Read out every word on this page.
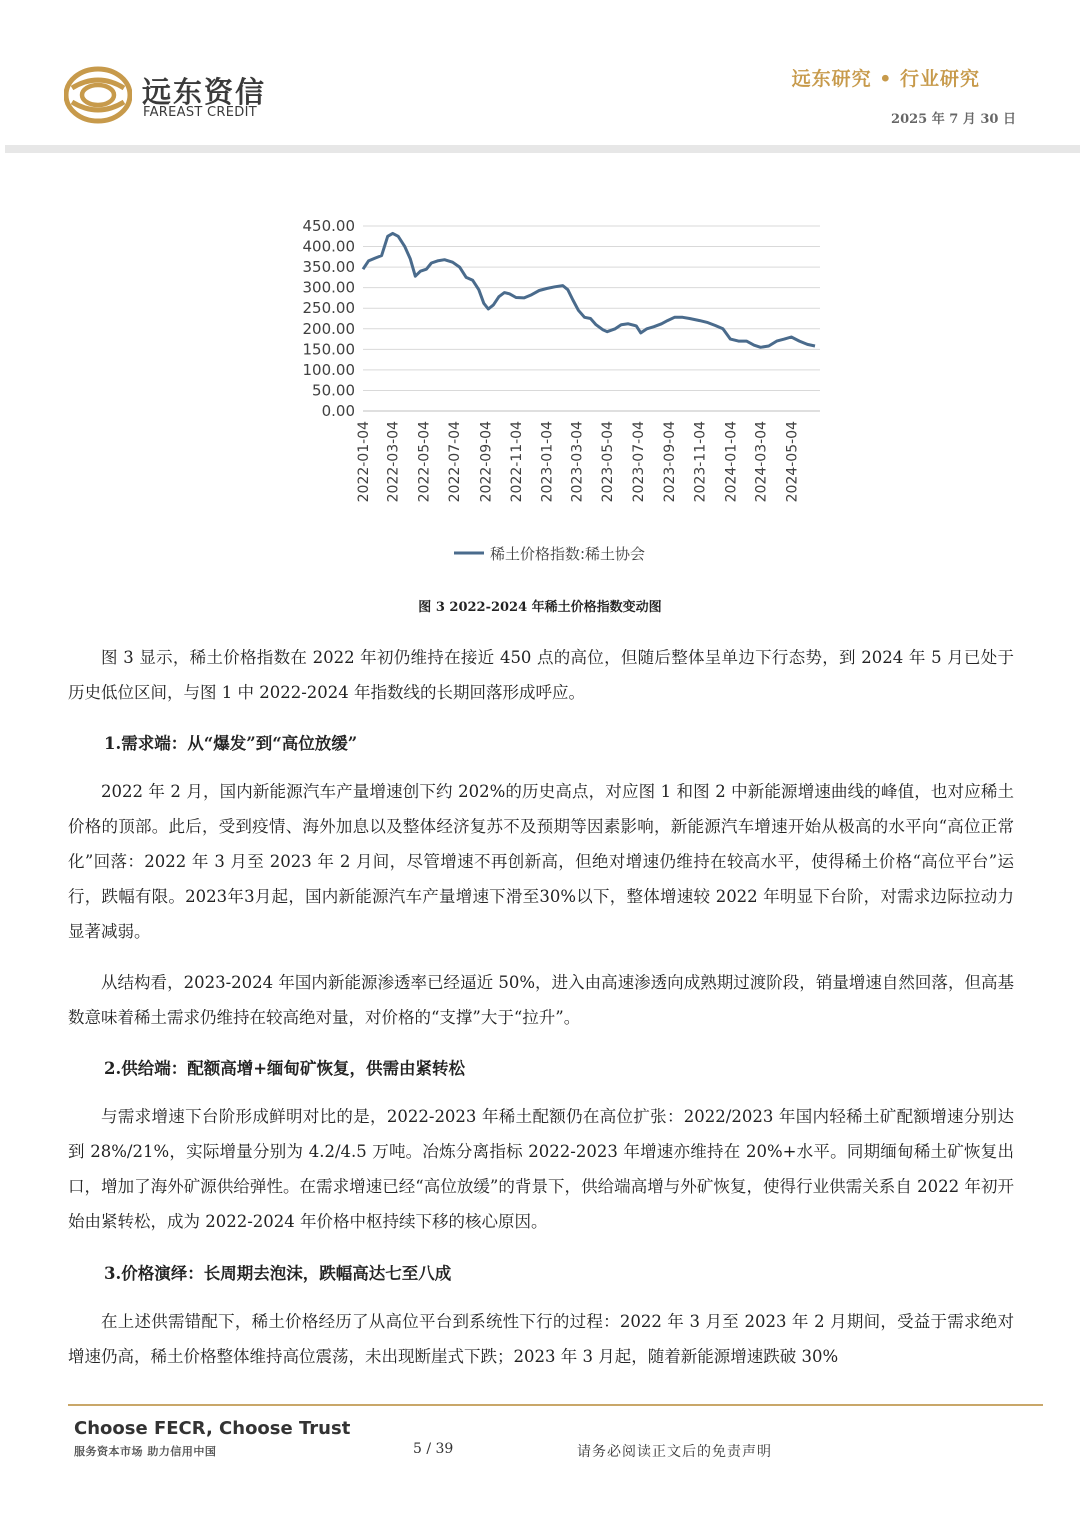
远东资信
FAREAST CREDIT
远东研究 • 行业研究
2025 年 7 月 30 日
450.00
400.00
350.00
300.00
250.00
200.00
150.00
100.00
50.00
0.00
2022-01-04 2022-03-04 2022-05-04 2022-07-04 2022-09-04 2022-11-04 2023-01-04 2023-03-04 2023-05-04 2023-07-04 2023-09-04 2023-11-04 2024-01-04 2024-03-04 2024-05-04
稀土价格指数:稀土协会
图 3 2022-2024 年稀土价格指数变动图
图 3 显示，稀土价格指数在 2022 年初仍维持在接近 450 点的高位，但随后整体呈单边下行态势，到 2024 年 5 月已处于历史低位区间，与图 1 中 2022-2024 年指数线的长期回落形成呼应。
1.需求端：从“爆发”到“高位放缓”
2022 年 2 月，国内新能源汽车产量增速创下约 202%的历史高点，对应图 1 和图 2 中新能源增速曲线的峰值，也对应稀土价格的顶部。此后，受到疫情、海外加息以及整体经济复苏不及预期等因素影响，新能源汽车增速开始从极高的水平向“高位正常化”回落：2022 年 3 月至 2023 年 2 月间，尽管增速不再创新高，但绝对增速仍维持在较高水平，使得稀土价格“高位平台”运行，跌幅有限。2023年3月起，国内新能源汽车产量增速下滑至30%以下，整体增速较 2022 年明显下台阶，对需求边际拉动力显著减弱。
从结构看，2023-2024 年国内新能源渗透率已经逼近 50%，进入由高速渗透向成熟期过渡阶段，销量增速自然回落，但高基数意味着稀土需求仍维持在较高绝对量，对价格的“支撑”大于“拉升”。
2.供给端：配额高增+缅甸矿恢复，供需由紧转松
与需求增速下台阶形成鲜明对比的是，2022-2023 年稀土配额仍在高位扩张：2022/2023 年国内轻稀土矿配额增速分别达到 28%/21%，实际增量分别为 4.2/4.5 万吨。冶炼分离指标 2022-2023 年增速亦维持在 20%+水平。同期缅甸稀土矿恢复出口，增加了海外矿源供给弹性。在需求增速已经“高位放缓”的背景下，供给端高增与外矿恢复，使得行业供需关系自 2022 年初开始由紧转松，成为 2022-2024 年价格中枢持续下移的核心原因。
3.价格演绎：长周期去泡沫，跌幅高达七至八成
在上述供需错配下，稀土价格经历了从高位平台到系统性下行的过程：2022 年 3 月至 2023 年 2 月期间，受益于需求绝对增速仍高，稀土价格整体维持高位震荡，未出现断崖式下跌；2023 年 3 月起，随着新能源增速跌破 30%
Choose FECR, Choose Trust
服务资本市场 助力信用中国	5 / 39	请务必阅读正文后的免责声明
